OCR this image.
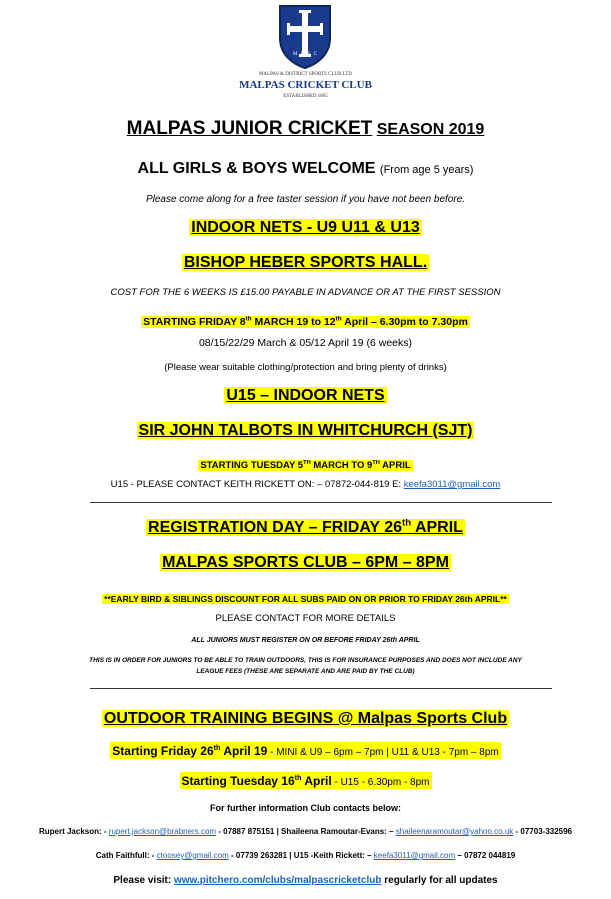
M D S C
MALPAS & DISTRICT SPORTS CLUB LTD
MALPAS CRICKET CLUB
ESTABLISHED 1865
MALPAS JUNIOR CRICKET SEASON 2019
ALL GIRLS & BOYS WELCOME (From age 5 years)
Please come along for a free taster session if you have not been before.
INDOOR NETS - U9 U11 & U13
BISHOP HEBER SPORTS HALL.
COST FOR THE 6 WEEKS IS £15.00 PAYABLE IN ADVANCE OR AT THE FIRST SESSION
STARTING FRIDAY 8th MARCH 19 to 12th April – 6.30pm to 7.30pm
08/15/22/29 March & 05/12 April 19 (6 weeks)
(Please wear suitable clothing/protection and bring plenty of drinks)
U15 – INDOOR NETS
SIR JOHN TALBOTS IN WHITCHURCH (SJT)
STARTING TUESDAY 5TH MARCH TO 9TH APRIL
U15 - PLEASE CONTACT KEITH RICKETT ON: – 07872-044-819 E: keefa3011@gmail.com
REGISTRATION DAY – FRIDAY 26th APRIL
MALPAS SPORTS CLUB – 6PM – 8PM
**EARLY BIRD & SIBLINGS DISCOUNT FOR ALL SUBS PAID ON OR PRIOR TO FRIDAY 26th APRIL**
PLEASE CONTACT FOR MORE DETAILS
ALL JUNIORS MUST REGISTER ON OR BEFORE FRIDAY 26th APRIL
THIS IS IN ORDER FOR JUNIORS TO BE ABLE TO TRAIN OUTDOORS, THIS IS FOR INSURANCE PURPOSES AND DOES NOT INCLUDE ANY
LEAGUE FEES (THESE ARE SEPARATE AND ARE PAID BY THE CLUB)
OUTDOOR TRAINING BEGINS @ Malpas Sports Club
Starting Friday 26th April 19 - MINI & U9 – 6pm – 7pm | U11 & U13 - 7pm – 8pm
Starting Tuesday 16th April - U15 - 6.30pm - 8pm
For further information Club contacts below:
Rupert Jackson: - rupert.jackson@brabners.com - 07887 875151 | Shaileena Ramoutar-Evans: – shaileenaramoutar@yahoo.co.uk - 07703-332596
Cath Faithfull: - ctoosey@gmail.com - 07739 263281 | U15 -Keith Rickett: – keefa3011@gmail.com – 07872 044819
Please visit: www.pitchero.com/clubs/malpascricketclub regularly for all updates
